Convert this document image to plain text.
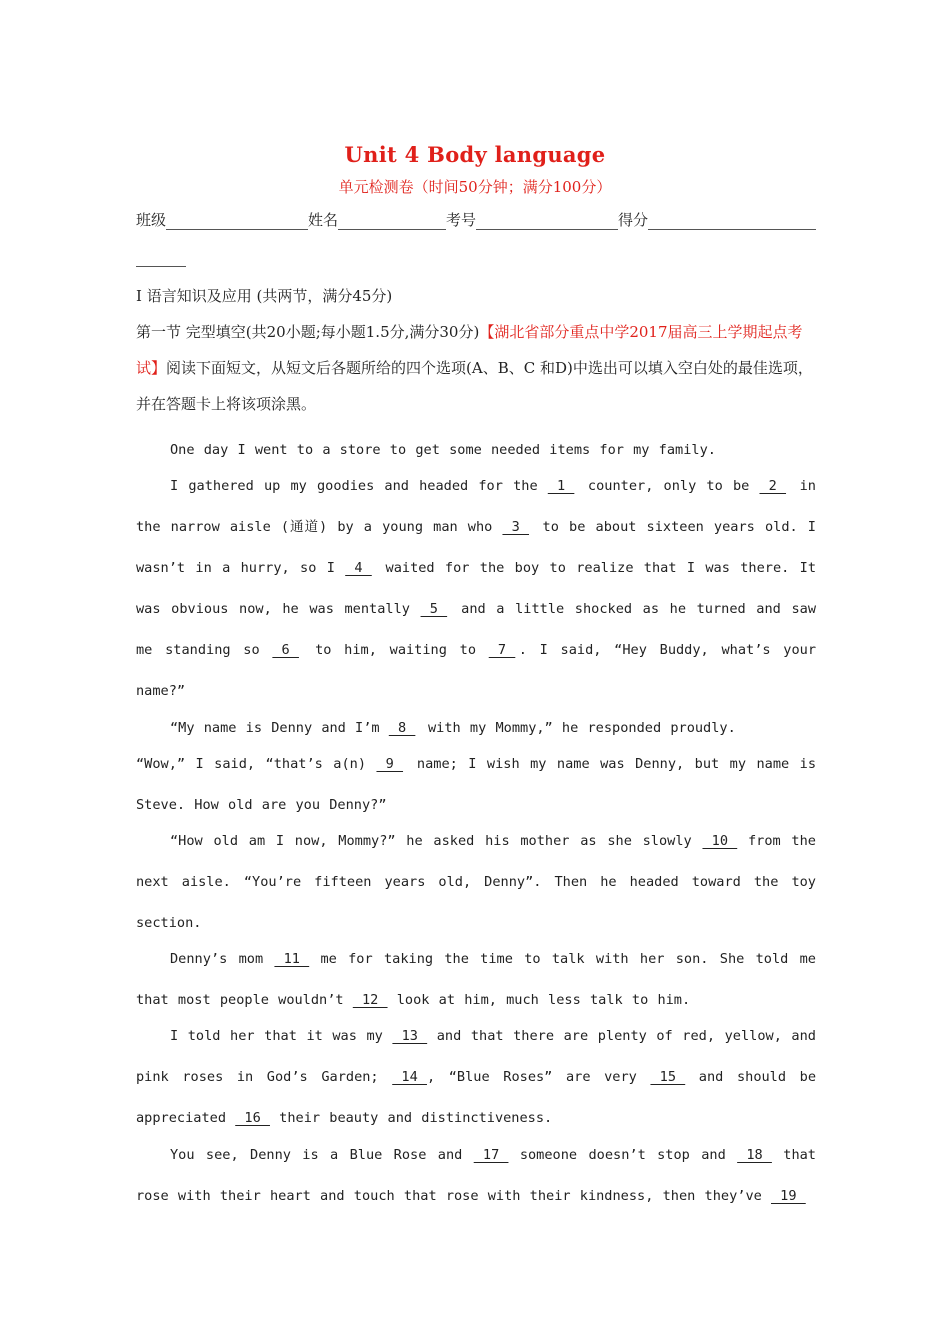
Unit 4 Body language
单元检测卷（时间50分钟；满分100分）
班级	姓名	考号	得分
I 语言知识及应用 (共两节，满分45分)
第一节 完型填空(共20小题;每小题1.5分,满分30分)【湖北省部分重点中学2017届高三上学期起点考试】阅读下面短文，从短文后各题所给的四个选项(A、B、C 和D)中选出可以填入空白处的最佳选项，并在答题卡上将该项涂黑。
One day I went to a store to get some needed items for my family.
I gathered up my goodies and headed for the  1  counter, only to be  2  in the narrow aisle (通道) by a young man who  3  to be about sixteen years old. I wasn’t in a hurry, so I  4  waited for the boy to realize that I was there. It was obvious now, he was mentally  5  and a little shocked as he turned and saw me standing so  6  to him, waiting to  7 . I said, “Hey Buddy, what’s your name?”
“My name is Denny and I’m  8  with my Mommy,” he responded proudly.
“Wow,” I said, “that’s a(n)  9  name; I wish my name was Denny, but my name is Steve. How old are you Denny?”
“How old am I now, Mommy?” he asked his mother as she slowly  10  from the next aisle. “You’re fifteen years old, Denny”. Then he headed toward the toy section.
Denny’s mom  11  me for taking the time to talk with her son. She told me that most people wouldn’t  12  look at him, much less talk to him.
I told her that it was my  13  and that there are plenty of red, yellow, and pink roses in God’s Garden;  14 , “Blue Roses” are very  15  and should be appreciated  16  their beauty and distinctiveness.
You see, Denny is a Blue Rose and  17  someone doesn’t stop and  18  that rose with their heart and touch that rose with their kindness, then they’ve  19
